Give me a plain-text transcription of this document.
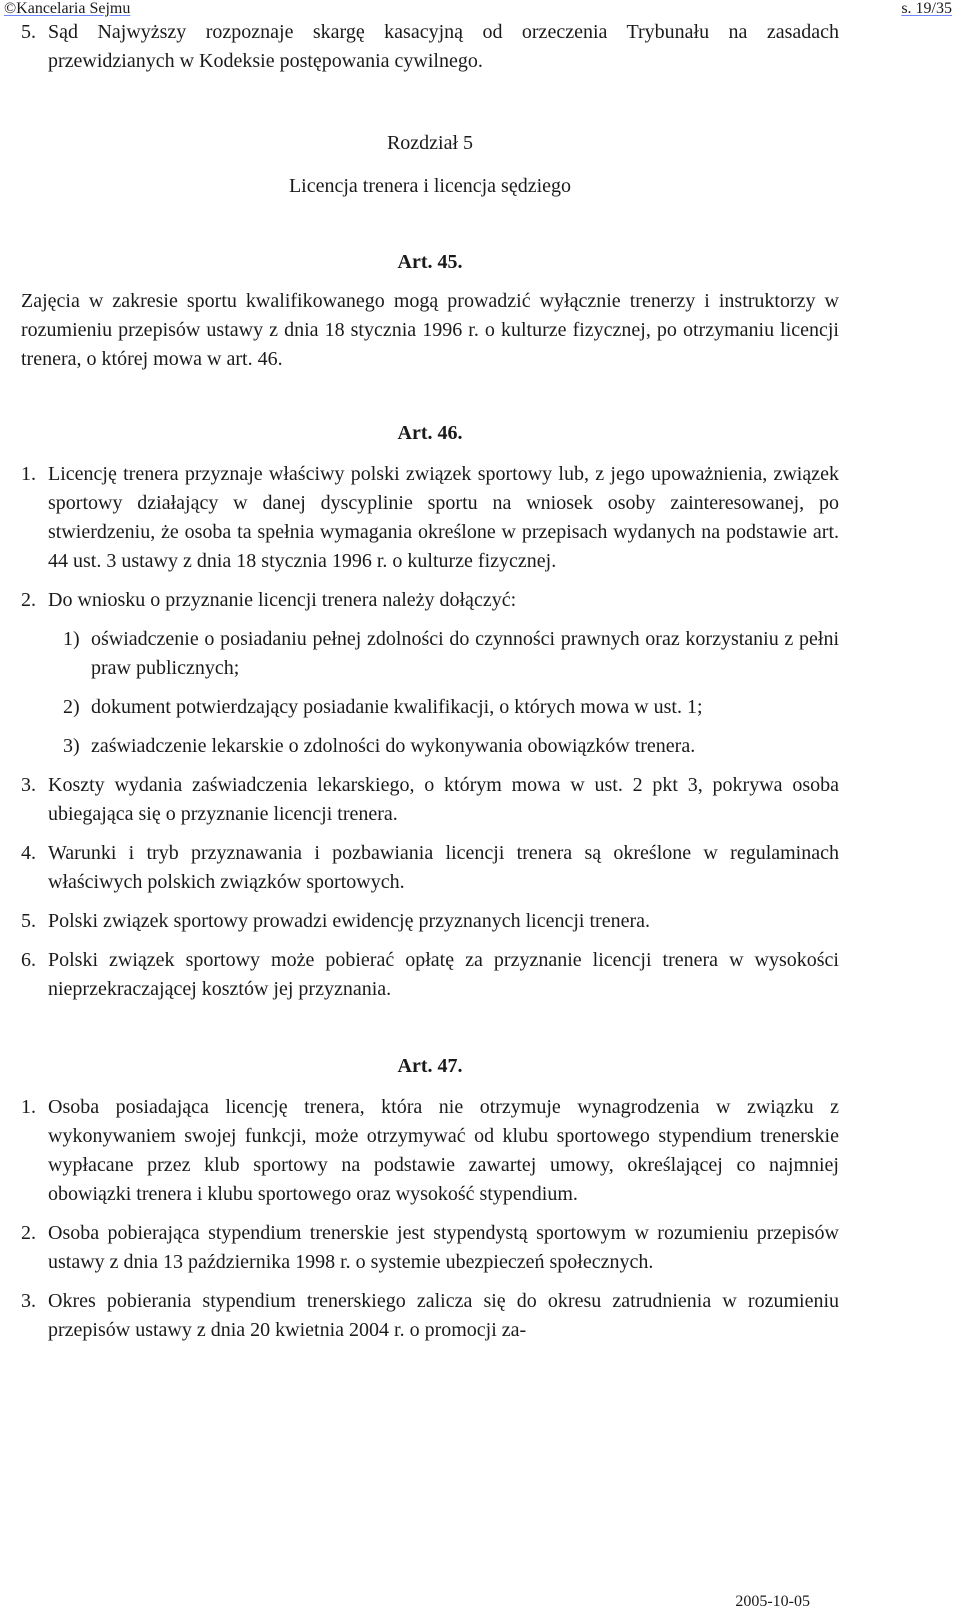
©Kancelaria Sejmu	s. 19/35
5. Sąd Najwyższy rozpoznaje skargę kasacyjną od orzeczenia Trybunału na zasadach przewidzianych w Kodeksie postępowania cywilnego.

Rozdział 5

Licencja trenera i licencja sędziego

Art. 45.

Zajęcia w zakresie sportu kwalifikowanego mogą prowadzić wyłącznie trenerzy i instruktorzy w rozumieniu przepisów ustawy z dnia 18 stycznia 1996 r. o kulturze fizycznej, po otrzymaniu licencji trenera, o której mowa w art. 46.

Art. 46.

1. Licencję trenera przyznaje właściwy polski związek sportowy lub, z jego upoważnienia, związek sportowy działający w danej dyscyplinie sportu na wniosek osoby zainteresowanej, po stwierdzeniu, że osoba ta spełnia wymagania określone w przepisach wydanych na podstawie art. 44 ust. 3 ustawy z dnia 18 stycznia 1996 r. o kulturze fizycznej.
2. Do wniosku o przyznanie licencji trenera należy dołączyć:
1) oświadczenie o posiadaniu pełnej zdolności do czynności prawnych oraz korzystaniu z pełni praw publicznych;
2) dokument potwierdzający posiadanie kwalifikacji, o których mowa w ust. 1;
3) zaświadczenie lekarskie o zdolności do wykonywania obowiązków trenera.
3. Koszty wydania zaświadczenia lekarskiego, o którym mowa w ust. 2 pkt 3, pokrywa osoba ubiegająca się o przyznanie licencji trenera.
4. Warunki i tryb przyznawania i pozbawiania licencji trenera są określone w regulaminach właściwych polskich związków sportowych.
5. Polski związek sportowy prowadzi ewidencję przyznanych licencji trenera.
6. Polski związek sportowy może pobierać opłatę za przyznanie licencji trenera w wysokości nieprzekraczającej kosztów jej przyznania.

Art. 47.

1. Osoba posiadająca licencję trenera, która nie otrzymuje wynagrodzenia w związku z wykonywaniem swojej funkcji, może otrzymywać od klubu sportowego stypendium trenerskie wypłacane przez klub sportowy na podstawie zawartej umowy, określającej co najmniej obowiązki trenera i klubu sportowego oraz wysokość stypendium.
2. Osoba pobierająca stypendium trenerskie jest stypendystą sportowym w rozumieniu przepisów ustawy z dnia 13 października 1998 r. o systemie ubezpieczeń społecznych.
3. Okres pobierania stypendium trenerskiego zalicza się do okresu zatrudnienia w rozumieniu przepisów ustawy z dnia 20 kwietnia 2004 r. o promocji za-
2005-10-05
